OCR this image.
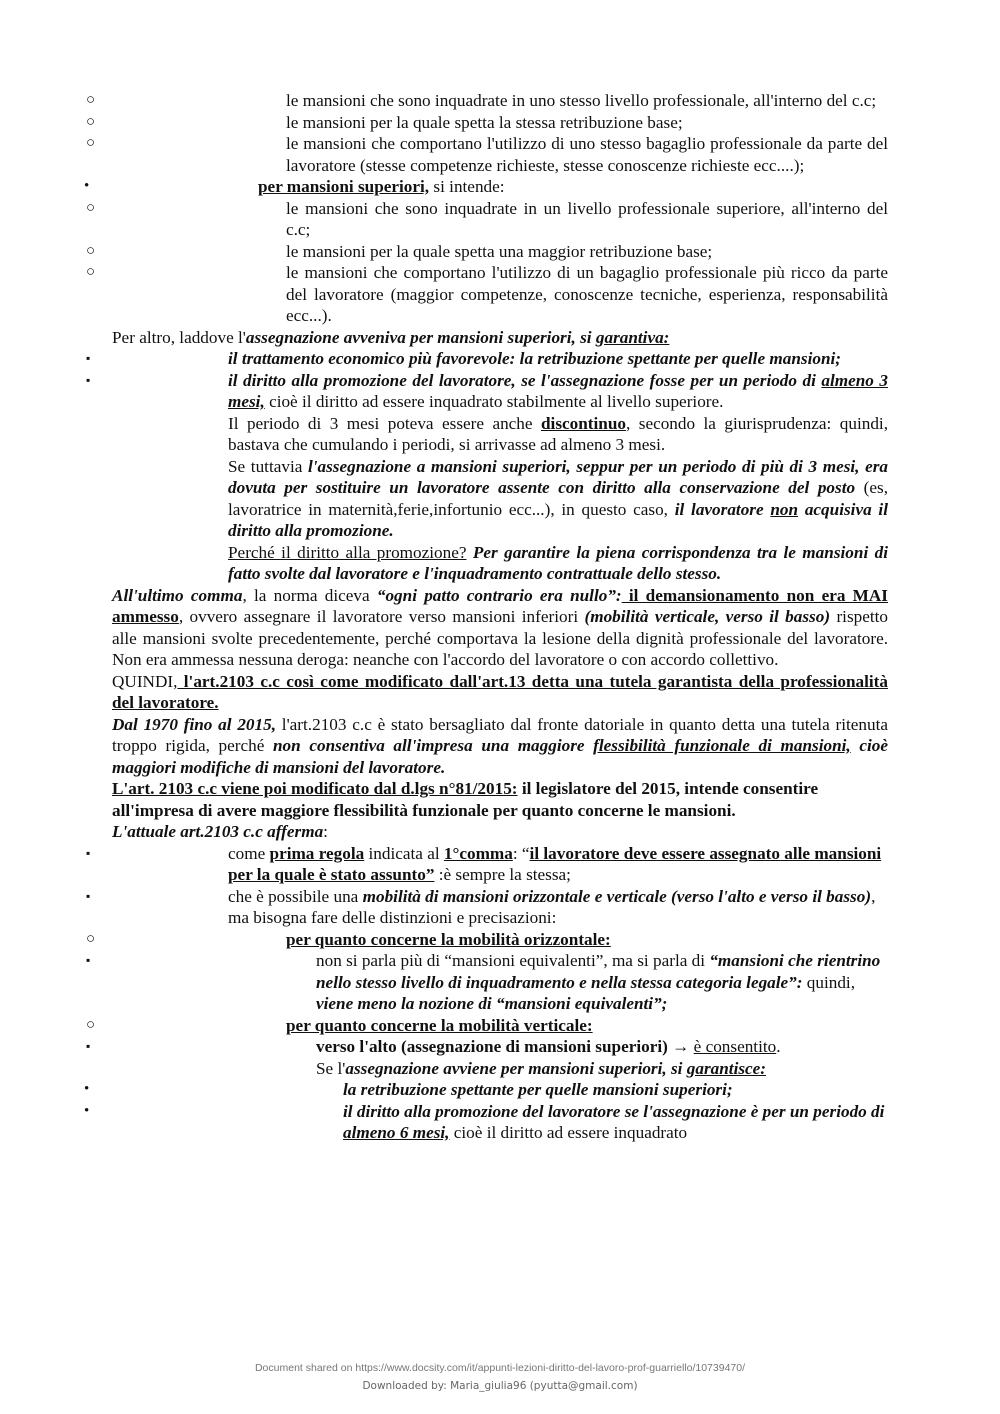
○	le mansioni che sono inquadrate in uno stesso livello professionale, all'interno del c.c;

○	le mansioni per la quale spetta la stessa retribuzione base;

○	le mansioni che comportano l'utilizzo di uno stesso bagaglio professionale da parte del lavoratore (stesse competenze richieste, stesse conoscenze richieste ecc....);

•	per mansioni superiori, si intende:

○	le mansioni che sono inquadrate in un livello professionale superiore, all'interno del c.c;

○	le mansioni per la quale spetta una maggior retribuzione base;

○	le mansioni che comportano l'utilizzo di un bagaglio professionale più ricco da parte del lavoratore (maggior competenze, conoscenze tecniche, esperienza, responsabilità ecc...).

Per altro, laddove l'assegnazione avveniva per mansioni superiori, si garantiva:

▪	il trattamento economico più favorevole: la retribuzione spettante per quelle mansioni;

▪	il diritto alla promozione del lavoratore, se l'assegnazione fosse per un periodo di almeno 3 mesi, cioè il diritto ad essere inquadrato stabilmente al livello superiore.

Il periodo di 3 mesi poteva essere anche discontinuo, secondo la giurisprudenza: quindi, bastava che cumulando i periodi, si arrivasse ad almeno 3 mesi.

Se tuttavia l'assegnazione a mansioni superiori, seppur per un periodo di più di 3 mesi, era dovuta per sostituire un lavoratore assente con diritto alla conservazione del posto (es, lavoratrice in maternità,ferie,infortunio ecc...), in questo caso, il lavoratore non acquisiva il diritto alla promozione.

Perché il diritto alla promozione? Per garantire la piena corrispondenza tra le mansioni di fatto svolte dal lavoratore e l'inquadramento contrattuale dello stesso.

All'ultimo comma, la norma diceva “ogni patto contrario era nullo”: il demansionamento non era MAI ammesso, ovvero assegnare il lavoratore verso mansioni inferiori (mobilità verticale, verso il basso) rispetto alle mansioni svolte precedentemente, perché comportava la lesione della dignità professionale del lavoratore. Non era ammessa nessuna deroga: neanche con l'accordo del lavoratore o con accordo collettivo.

QUINDI, l'art.2103 c.c così come modificato dall'art.13 detta una tutela garantista della professionalità del lavoratore.

Dal 1970 fino al 2015, l'art.2103 c.c è stato bersagliato dal fronte datoriale in quanto detta una tutela ritenuta troppo rigida, perché non consentiva all'impresa una maggiore flessibilità funzionale di mansioni, cioè maggiori modifiche di mansioni del lavoratore.

L'art. 2103 c.c viene poi modificato dal d.lgs n°81/2015: il legislatore del 2015, intende consentire all'impresa di avere maggiore flessibilità funzionale per quanto concerne le mansioni.

L'attuale art.2103 c.c afferma:

▪	come prima regola indicata al 1°comma: “il lavoratore deve essere assegnato alle mansioni per la quale è stato assunto” :è sempre la stessa;

▪	che è possibile una mobilità di mansioni orizzontale e verticale (verso l'alto e verso il basso), ma bisogna fare delle distinzioni e precisazioni:

○	per quanto concerne la mobilità orizzontale:

▪	non si parla più di “mansioni equivalenti”, ma si parla di “mansioni che rientrino nello stesso livello di inquadramento e nella stessa categoria legale”: quindi, viene meno la nozione di “mansioni equivalenti”;

○	per quanto concerne la mobilità verticale:

▪	verso l'alto (assegnazione di mansioni superiori) → è consentito.

Se l'assegnazione avviene per mansioni superiori, si garantisce:

•	la retribuzione spettante per quelle mansioni superiori;

•	il diritto alla promozione del lavoratore se l'assegnazione è per un periodo di almeno 6 mesi, cioè il diritto ad essere inquadrato

Document shared on https://www.docsity.com/it/appunti-lezioni-diritto-del-lavoro-prof-guarriello/10739470/
Downloaded by: Maria_giulia96 (pyutta@gmail.com)
